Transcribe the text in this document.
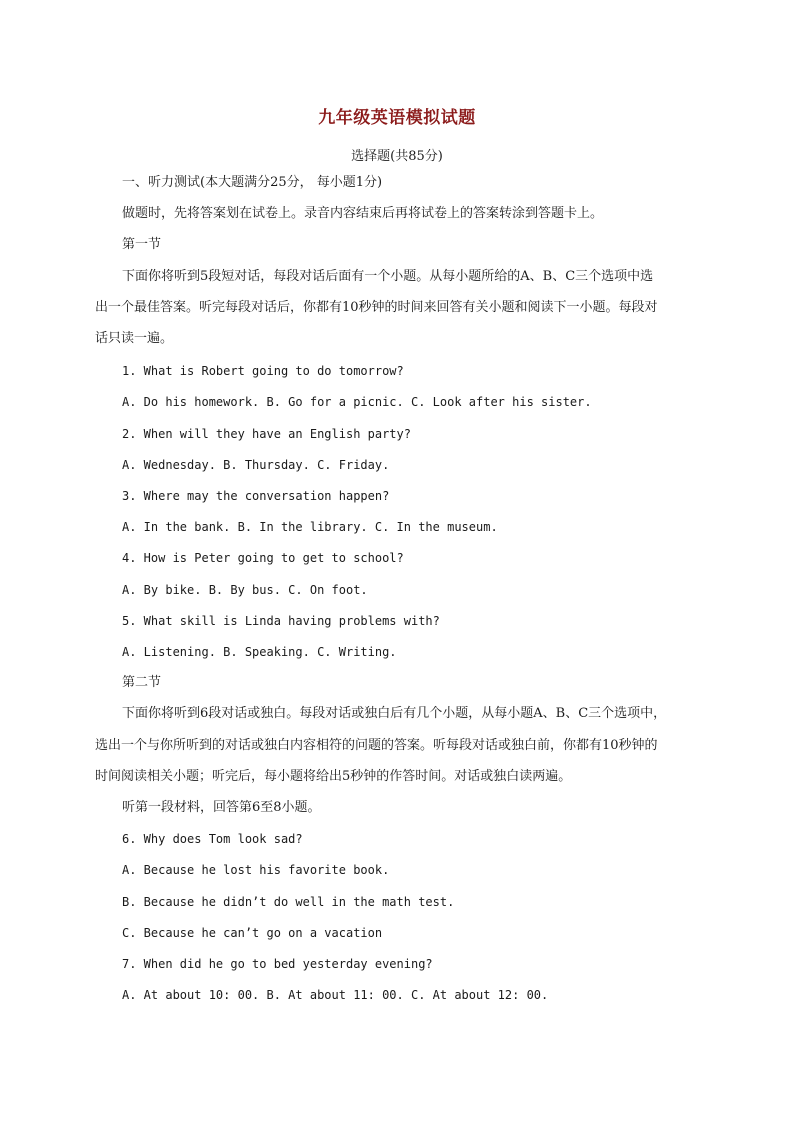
九年级英语模拟试题
选择题(共85分)
一、听力测试(本大题满分25分， 每小题1分)
做题时，先将答案划在试卷上。录音内容结束后再将试卷上的答案转涂到答题卡上。
第一节
下面你将听到5段短对话，每段对话后面有一个小题。从每小题所给的A、B、C三个选项中选
出一个最佳答案。听完每段对话后，你都有10秒钟的时间来回答有关小题和阅读下一小题。每段对
话只读一遍。
1. What is Robert going to do tomorrow?
A. Do his homework. B. Go for a picnic. C. Look after his sister.
2. When will they have an English party?
A. Wednesday. B. Thursday. C. Friday.
3. Where may the conversation happen?
A. In the bank. B. In the library. C. In the museum.
4. How is Peter going to get to school?
A. By bike. B. By bus. C. On foot.
5. What skill is Linda having problems with?
A. Listening. B. Speaking. C. Writing.
第二节
下面你将听到6段对话或独白。每段对话或独白后有几个小题，从每小题A、B、C三个选项中，
选出一个与你所听到的对话或独白内容相符的问题的答案。听每段对话或独白前，你都有10秒钟的
时间阅读相关小题；听完后，每小题将给出5秒钟的作答时间。对话或独白读两遍。
听第一段材料，回答第6至8小题。
6. Why does Tom look sad?
A. Because he lost his favorite book.
B. Because he didn’t do well in the math test.
C. Because he can’t go on a vacation
7. When did he go to bed yesterday evening?
A. At about 10: 00. B. At about 11: 00. C. At about 12: 00.
